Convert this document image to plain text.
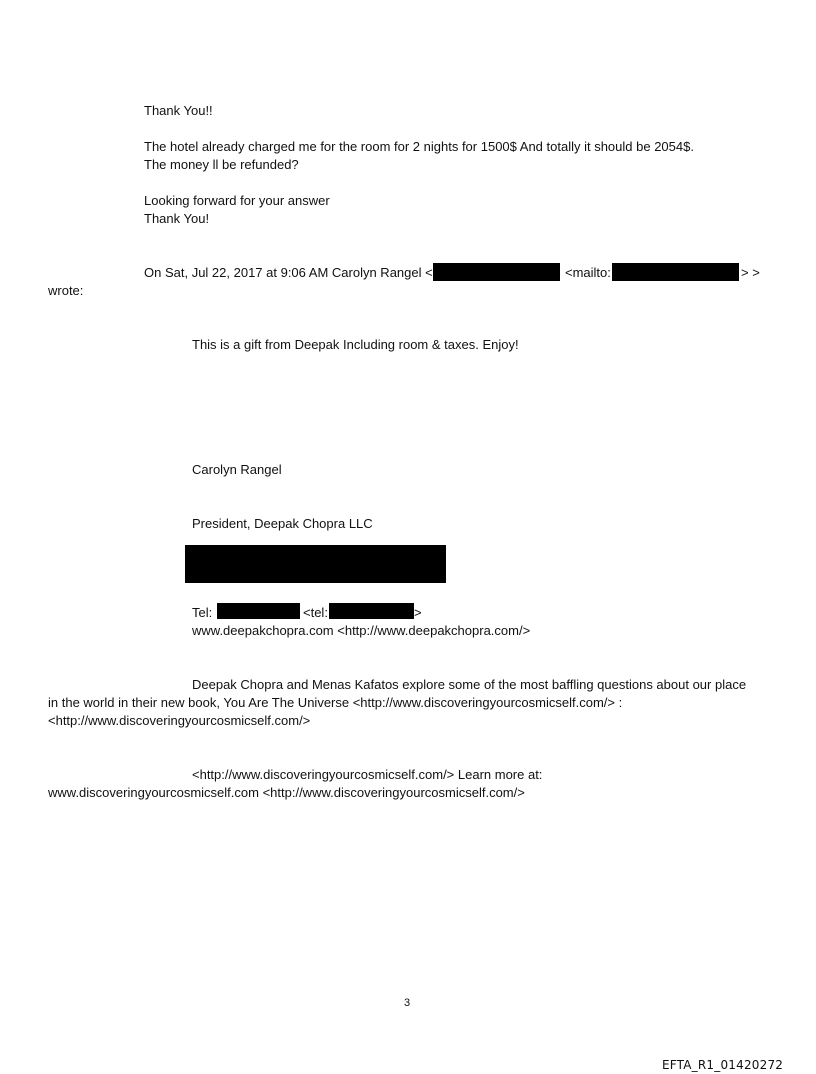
Thank You!!
The hotel already charged me for the room for 2 nights for 1500$ And totally it should be 2054$.
The money ll be refunded?
Looking forward for your answer
Thank You!
On Sat, Jul 22, 2017 at 9:06 AM Carolyn Rangel <	<mailto:	> >
wrote:
This is a gift from Deepak Including room & taxes. Enjoy!
Carolyn Rangel
President, Deepak Chopra LLC
Tel:	<tel:	>
www.deepakchopra.com <http://www.deepakchopra.com/>
Deepak Chopra and Menas Kafatos explore some of the most baffling questions about our place
in the world in their new book, You Are The Universe <http://www.discoveringyourcosmicself.com/> :
<http://www.discoveringyourcosmicself.com/>
<http://www.discoveringyourcosmicself.com/> Learn more at:
www.discoveringyourcosmicself.com <http://www.discoveringyourcosmicself.com/>
3
EFTA_R1_01420272
